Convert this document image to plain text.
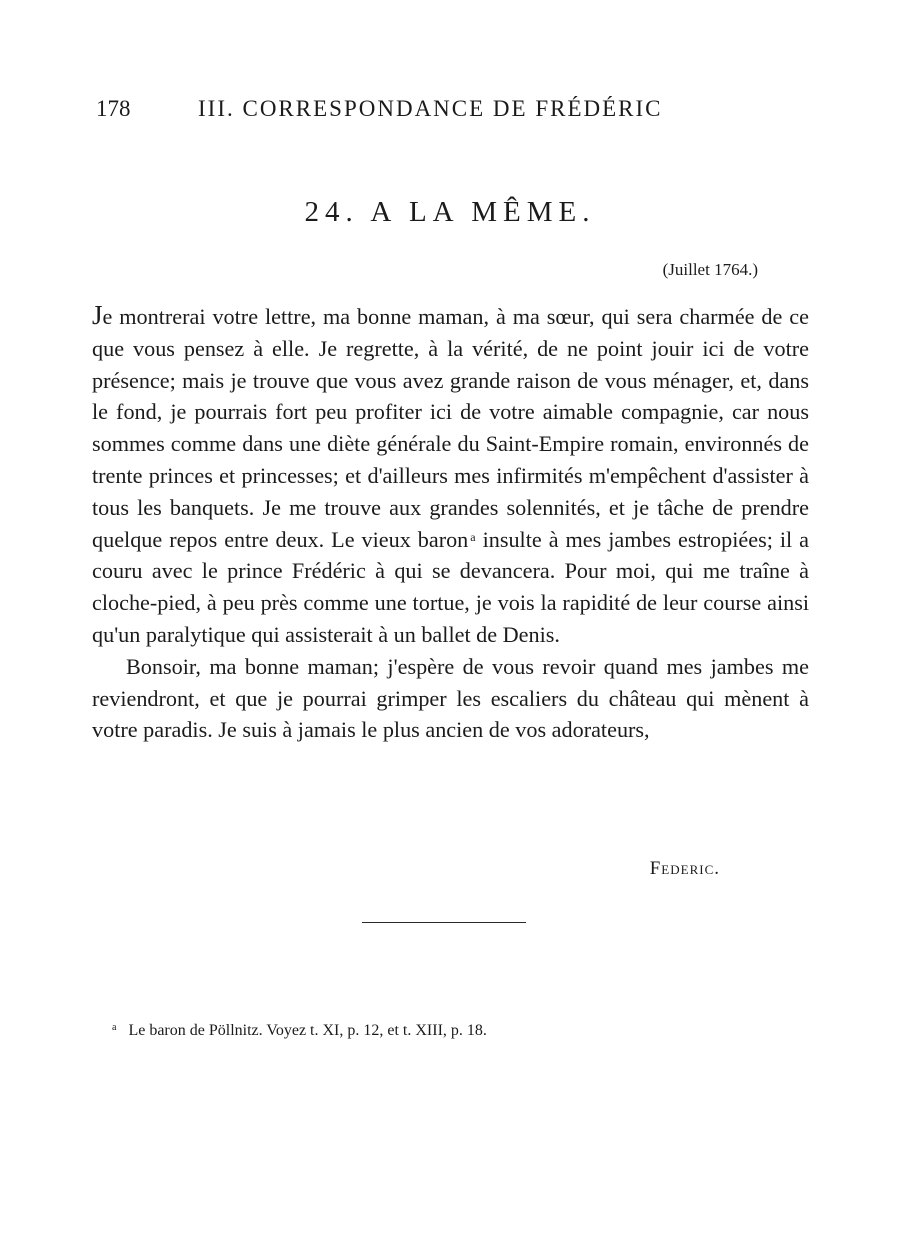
178	III. CORRESPONDANCE DE FRÉDÉRIC
24. A LA MÊME.
(Juillet 1764.)

Je montrerai votre lettre, ma bonne maman, à ma sœur, qui sera charmée de ce que vous pensez à elle. Je regrette, à la vérité, de ne point jouir ici de votre présence; mais je trouve que vous avez grande raison de vous ménager, et, dans le fond, je pourrais fort peu profiter ici de votre aimable compagnie, car nous sommes comme dans une diète générale du Saint-Empire romain, environnés de trente princes et princesses; et d'ailleurs mes infirmités m'empêchent d'assister à tous les banquets. Je me trouve aux grandes solennités, et je tâche de prendre quelque repos entre deux. Le vieux baron $^a$ insulte à mes jambes estropiées; il a couru avec le prince Frédéric à qui se devancera. Pour moi, qui me traîne à cloche-pied, à peu près comme une tortue, je vois la rapidité de leur course ainsi qu'un paralytique qui assisterait à un ballet de Denis.

Bonsoir, ma bonne maman; j'espère de vous revoir quand mes jambes me reviendront, et que je pourrai grimper les escaliers du château qui mènent à votre paradis. Je suis à jamais le plus ancien de vos adorateurs,

Federic.
$^a$ Le baron de Pöllnitz. Voyez t. XI, p. 12, et t. XIII, p. 18.
